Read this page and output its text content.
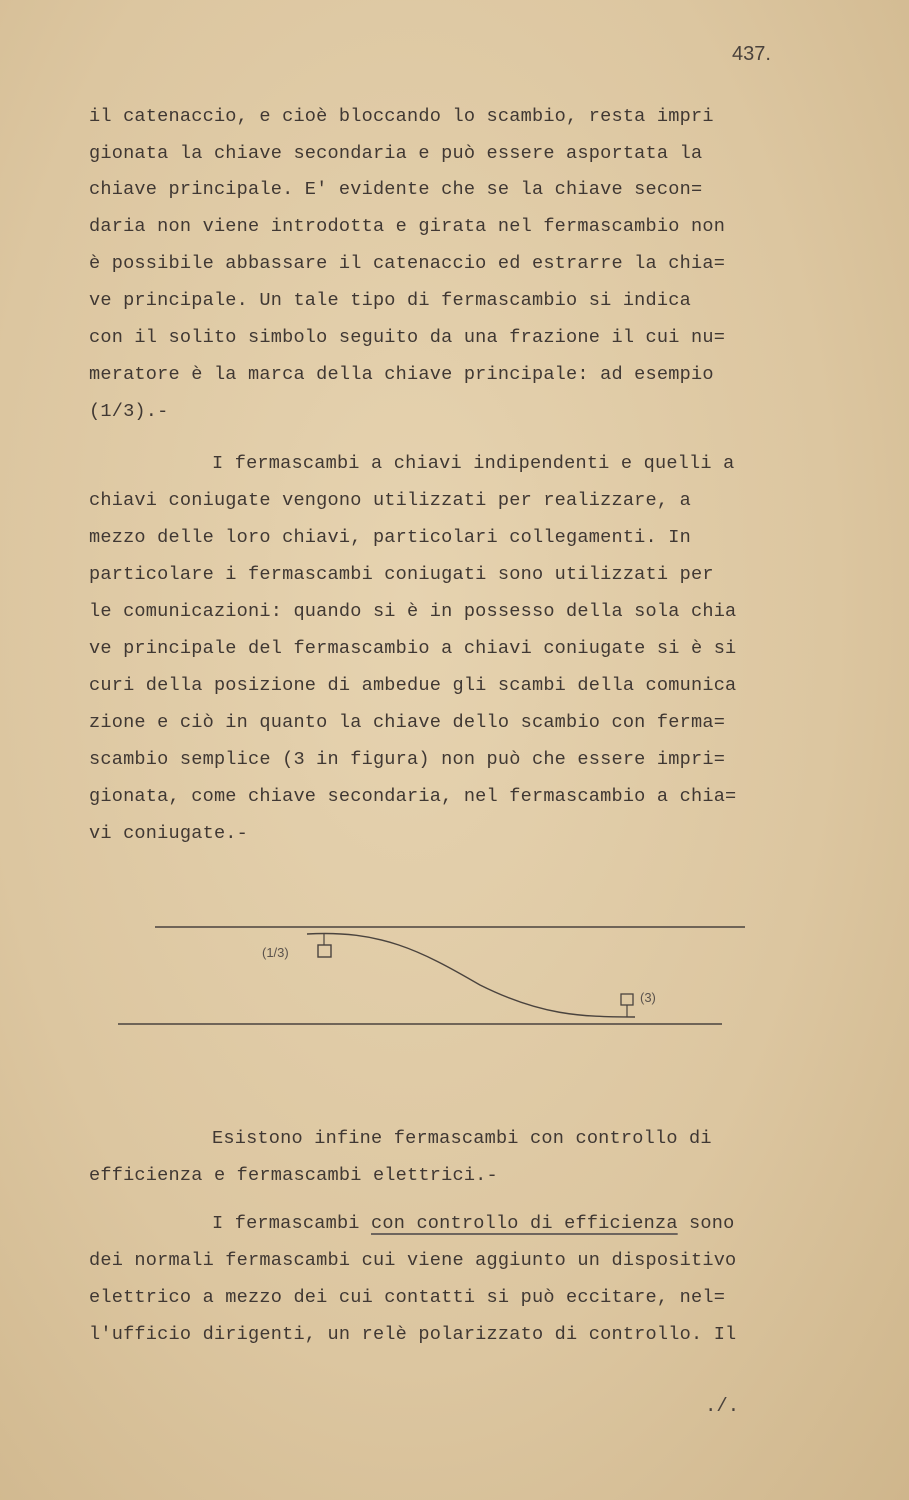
437.
il catenaccio, e cioè bloccando lo scambio, resta impri
gionata la chiave secondaria e può essere asportata la
chiave principale. E' evidente che se la chiave secon=
daria non viene introdotta e girata nel fermascambio non
è possibile abbassare il catenaccio ed estrarre la chia=
ve principale. Un tale tipo di fermascambio si indica
con il solito simbolo seguito da una frazione il cui nu=
meratore è la marca della chiave principale: ad esempio
(1/3).-
I fermascambi a chiavi indipendenti e quelli a
chiavi coniugate vengono utilizzati per realizzare, a
mezzo delle loro chiavi, particolari collegamenti. In
particolare i fermascambi coniugati sono utilizzati per
le comunicazioni: quando si è in possesso della sola chia
ve principale del fermascambio a chiavi coniugate si è si
curi della posizione di ambedue gli scambi della comunica
zione e ciò in quanto la chiave dello scambio con ferma=
scambio semplice (3 in figura) non può che essere impri=
gionata, come chiave secondaria, nel fermascambio a chia=
vi coniugate.-
(1/3)
(3)
Esistono infine fermascambi con controllo di
efficienza e fermascambi elettrici.-
I fermascambi con controllo di efficienza sono
dei normali fermascambi cui viene aggiunto un dispositivo
elettrico a mezzo dei cui contatti si può eccitare, nel=
l'ufficio dirigenti, un relè polarizzato di controllo. Il
./.
